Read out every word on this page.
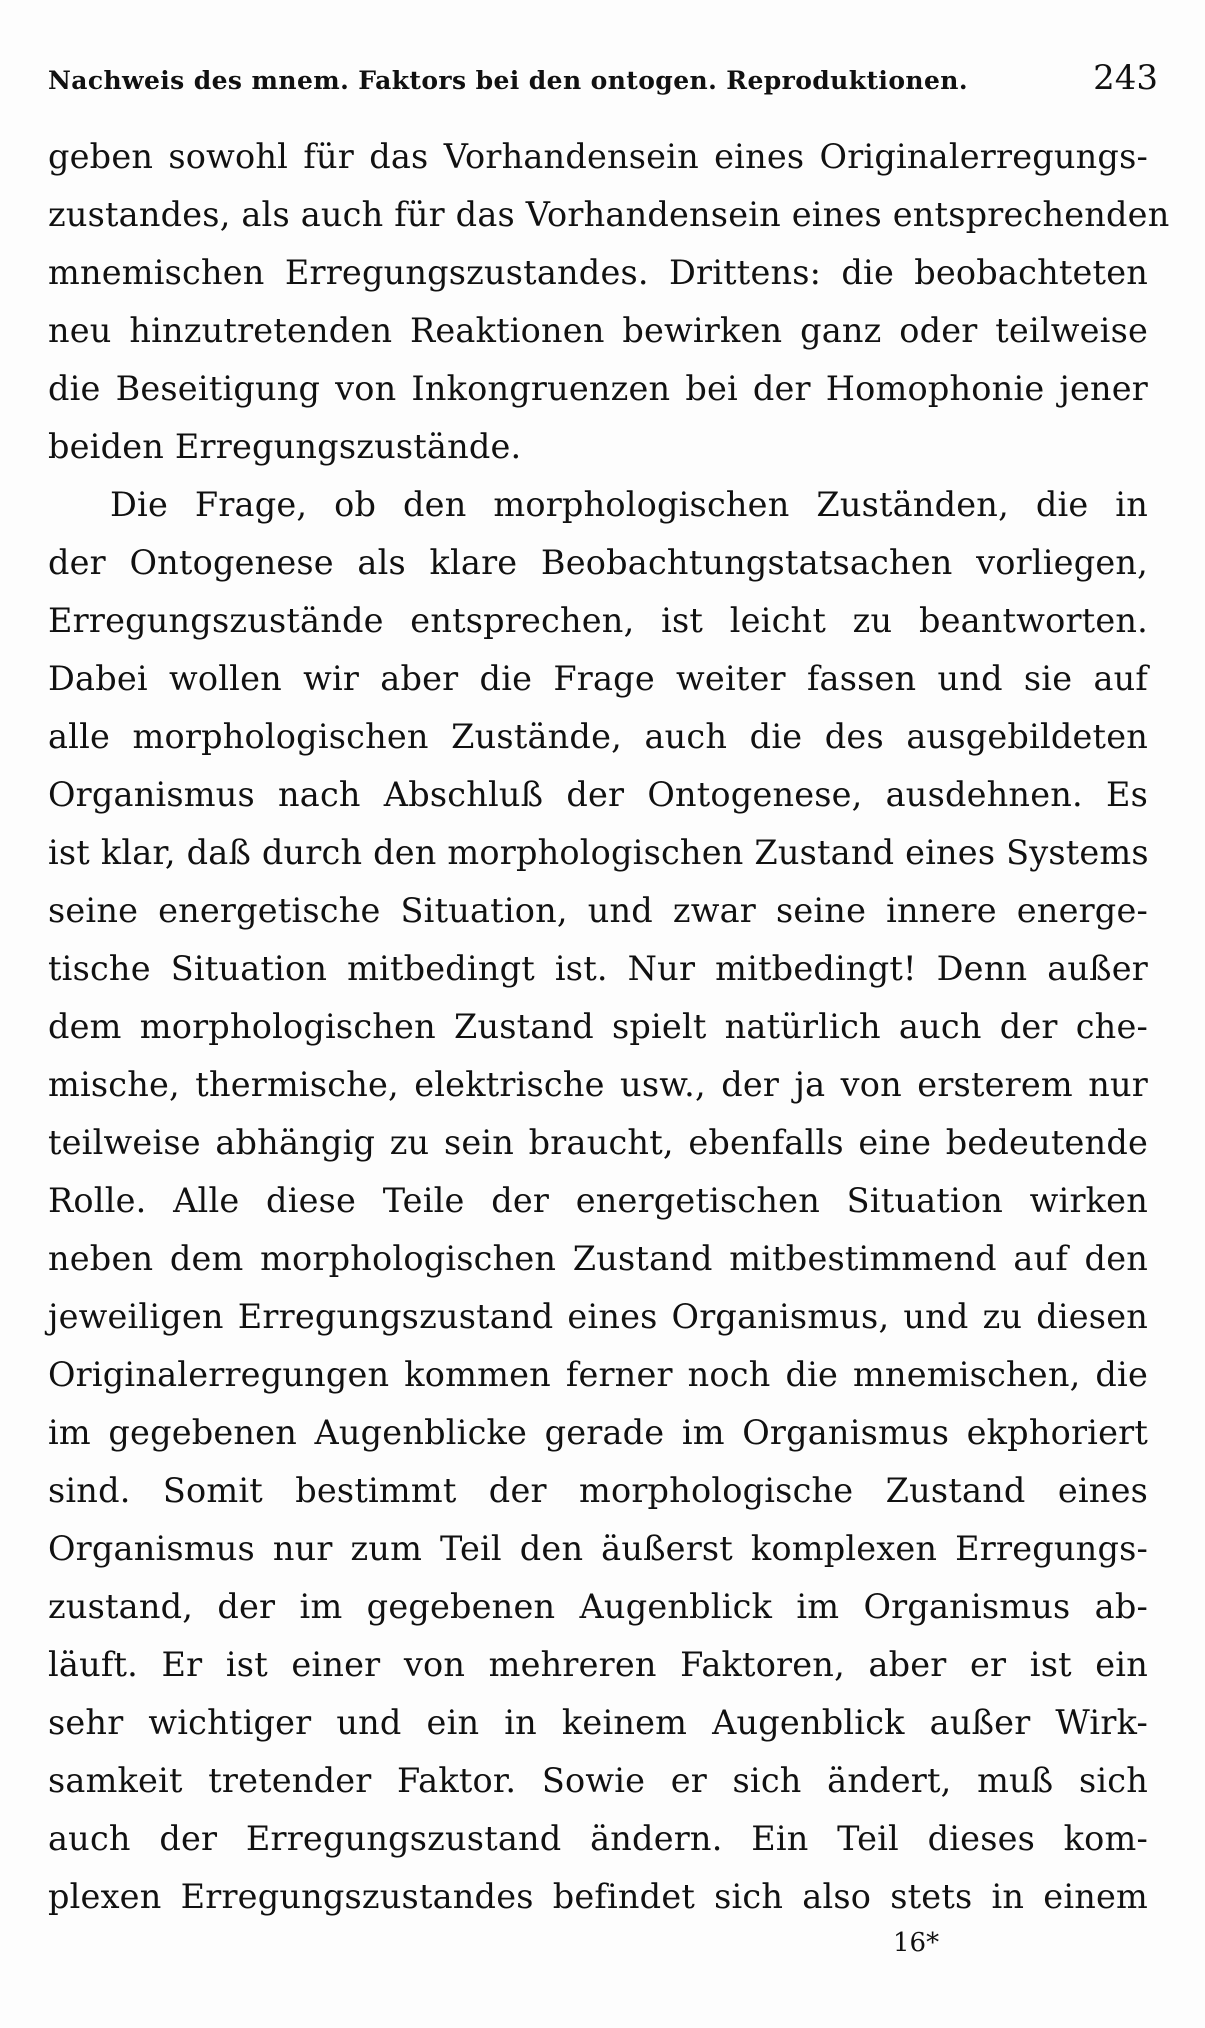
Nachweis des mnem. Faktors bei den ontogen. Reproduktionen.	243
geben sowohl für das Vorhandensein eines Originalerregungs-
zustandes, als auch für das Vorhandensein eines entsprechenden
mnemischen Erregungszustandes. Drittens: die beobachteten
neu hinzutretenden Reaktionen bewirken ganz oder teilweise
die Beseitigung von Inkongruenzen bei der Homophonie jener
beiden Erregungszustände.
Die Frage, ob den morphologischen Zuständen, die in
der Ontogenese als klare Beobachtungstatsachen vorliegen,
Erregungszustände entsprechen, ist leicht zu beantworten.
Dabei wollen wir aber die Frage weiter fassen und sie auf
alle morphologischen Zustände, auch die des ausgebildeten
Organismus nach Abschluß der Ontogenese, ausdehnen. Es
ist klar, daß durch den morphologischen Zustand eines Systems
seine energetische Situation, und zwar seine innere energe-
tische Situation mitbedingt ist. Nur mitbedingt! Denn außer
dem morphologischen Zustand spielt natürlich auch der che-
mische, thermische, elektrische usw., der ja von ersterem nur
teilweise abhängig zu sein braucht, ebenfalls eine bedeutende
Rolle. Alle diese Teile der energetischen Situation wirken
neben dem morphologischen Zustand mitbestimmend auf den
jeweiligen Erregungszustand eines Organismus, und zu diesen
Originalerregungen kommen ferner noch die mnemischen, die
im gegebenen Augenblicke gerade im Organismus ekphoriert
sind. Somit bestimmt der morphologische Zustand eines
Organismus nur zum Teil den äußerst komplexen Erregungs-
zustand, der im gegebenen Augenblick im Organismus ab-
läuft. Er ist einer von mehreren Faktoren, aber er ist ein
sehr wichtiger und ein in keinem Augenblick außer Wirk-
samkeit tretender Faktor. Sowie er sich ändert, muß sich
auch der Erregungszustand ändern. Ein Teil dieses kom-
plexen Erregungszustandes befindet sich also stets in einem
16*
